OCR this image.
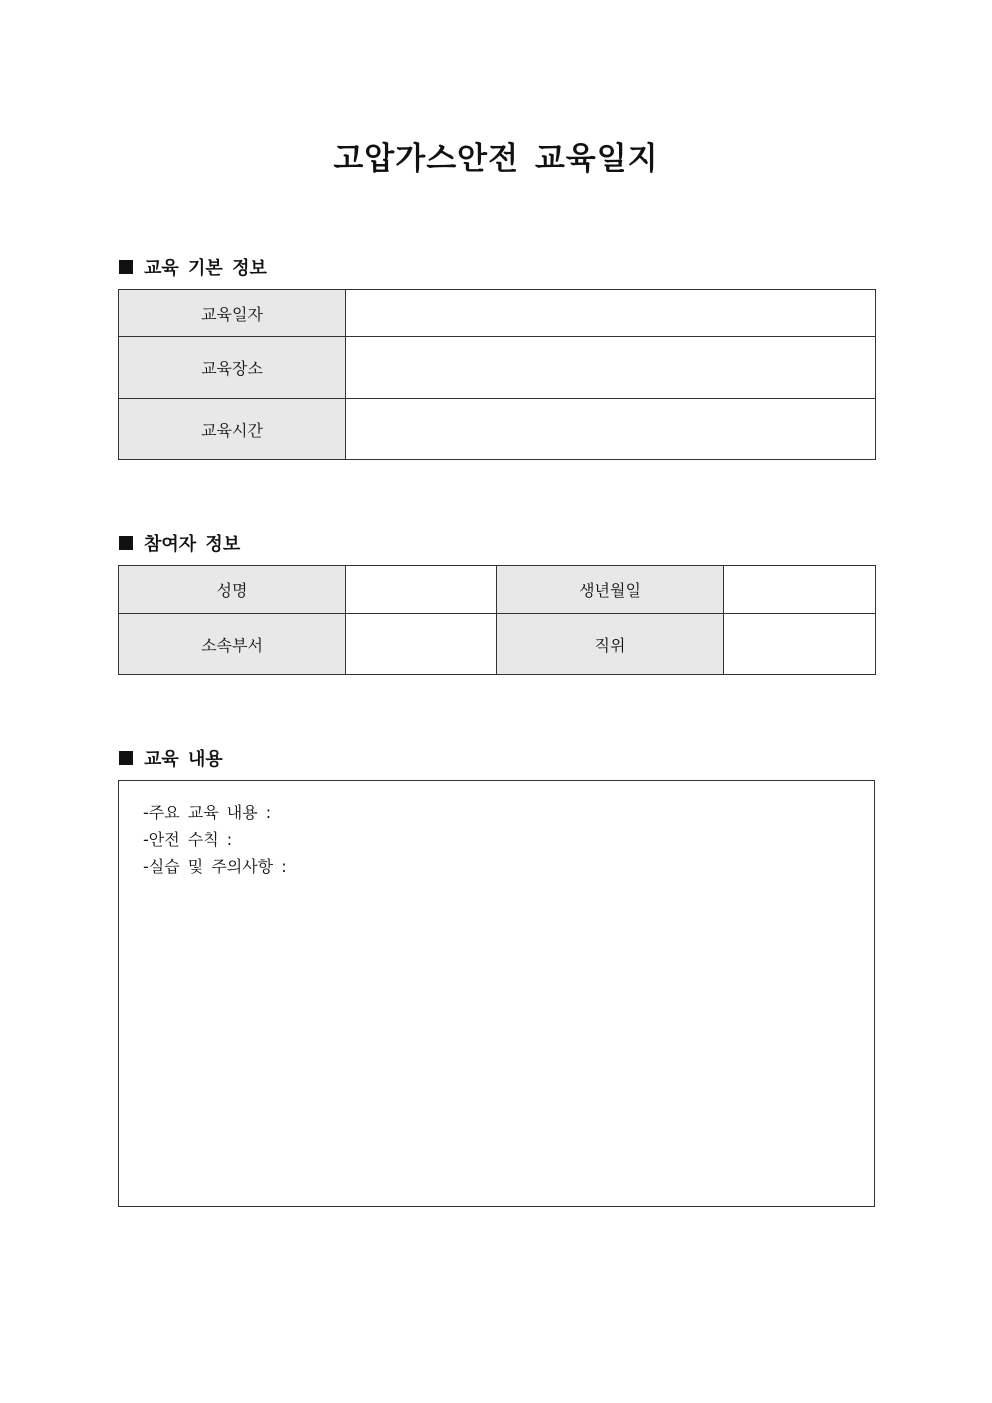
고압가스안전 교육일지
교육 기본 정보
교육일자	
교육장소	
교육시간	
참여자 정보
성명		생년월일	
소속부서		직위	
교육 내용
-주요 교육 내용 :
-안전 수칙 :
-실습 및 주의사항 :
